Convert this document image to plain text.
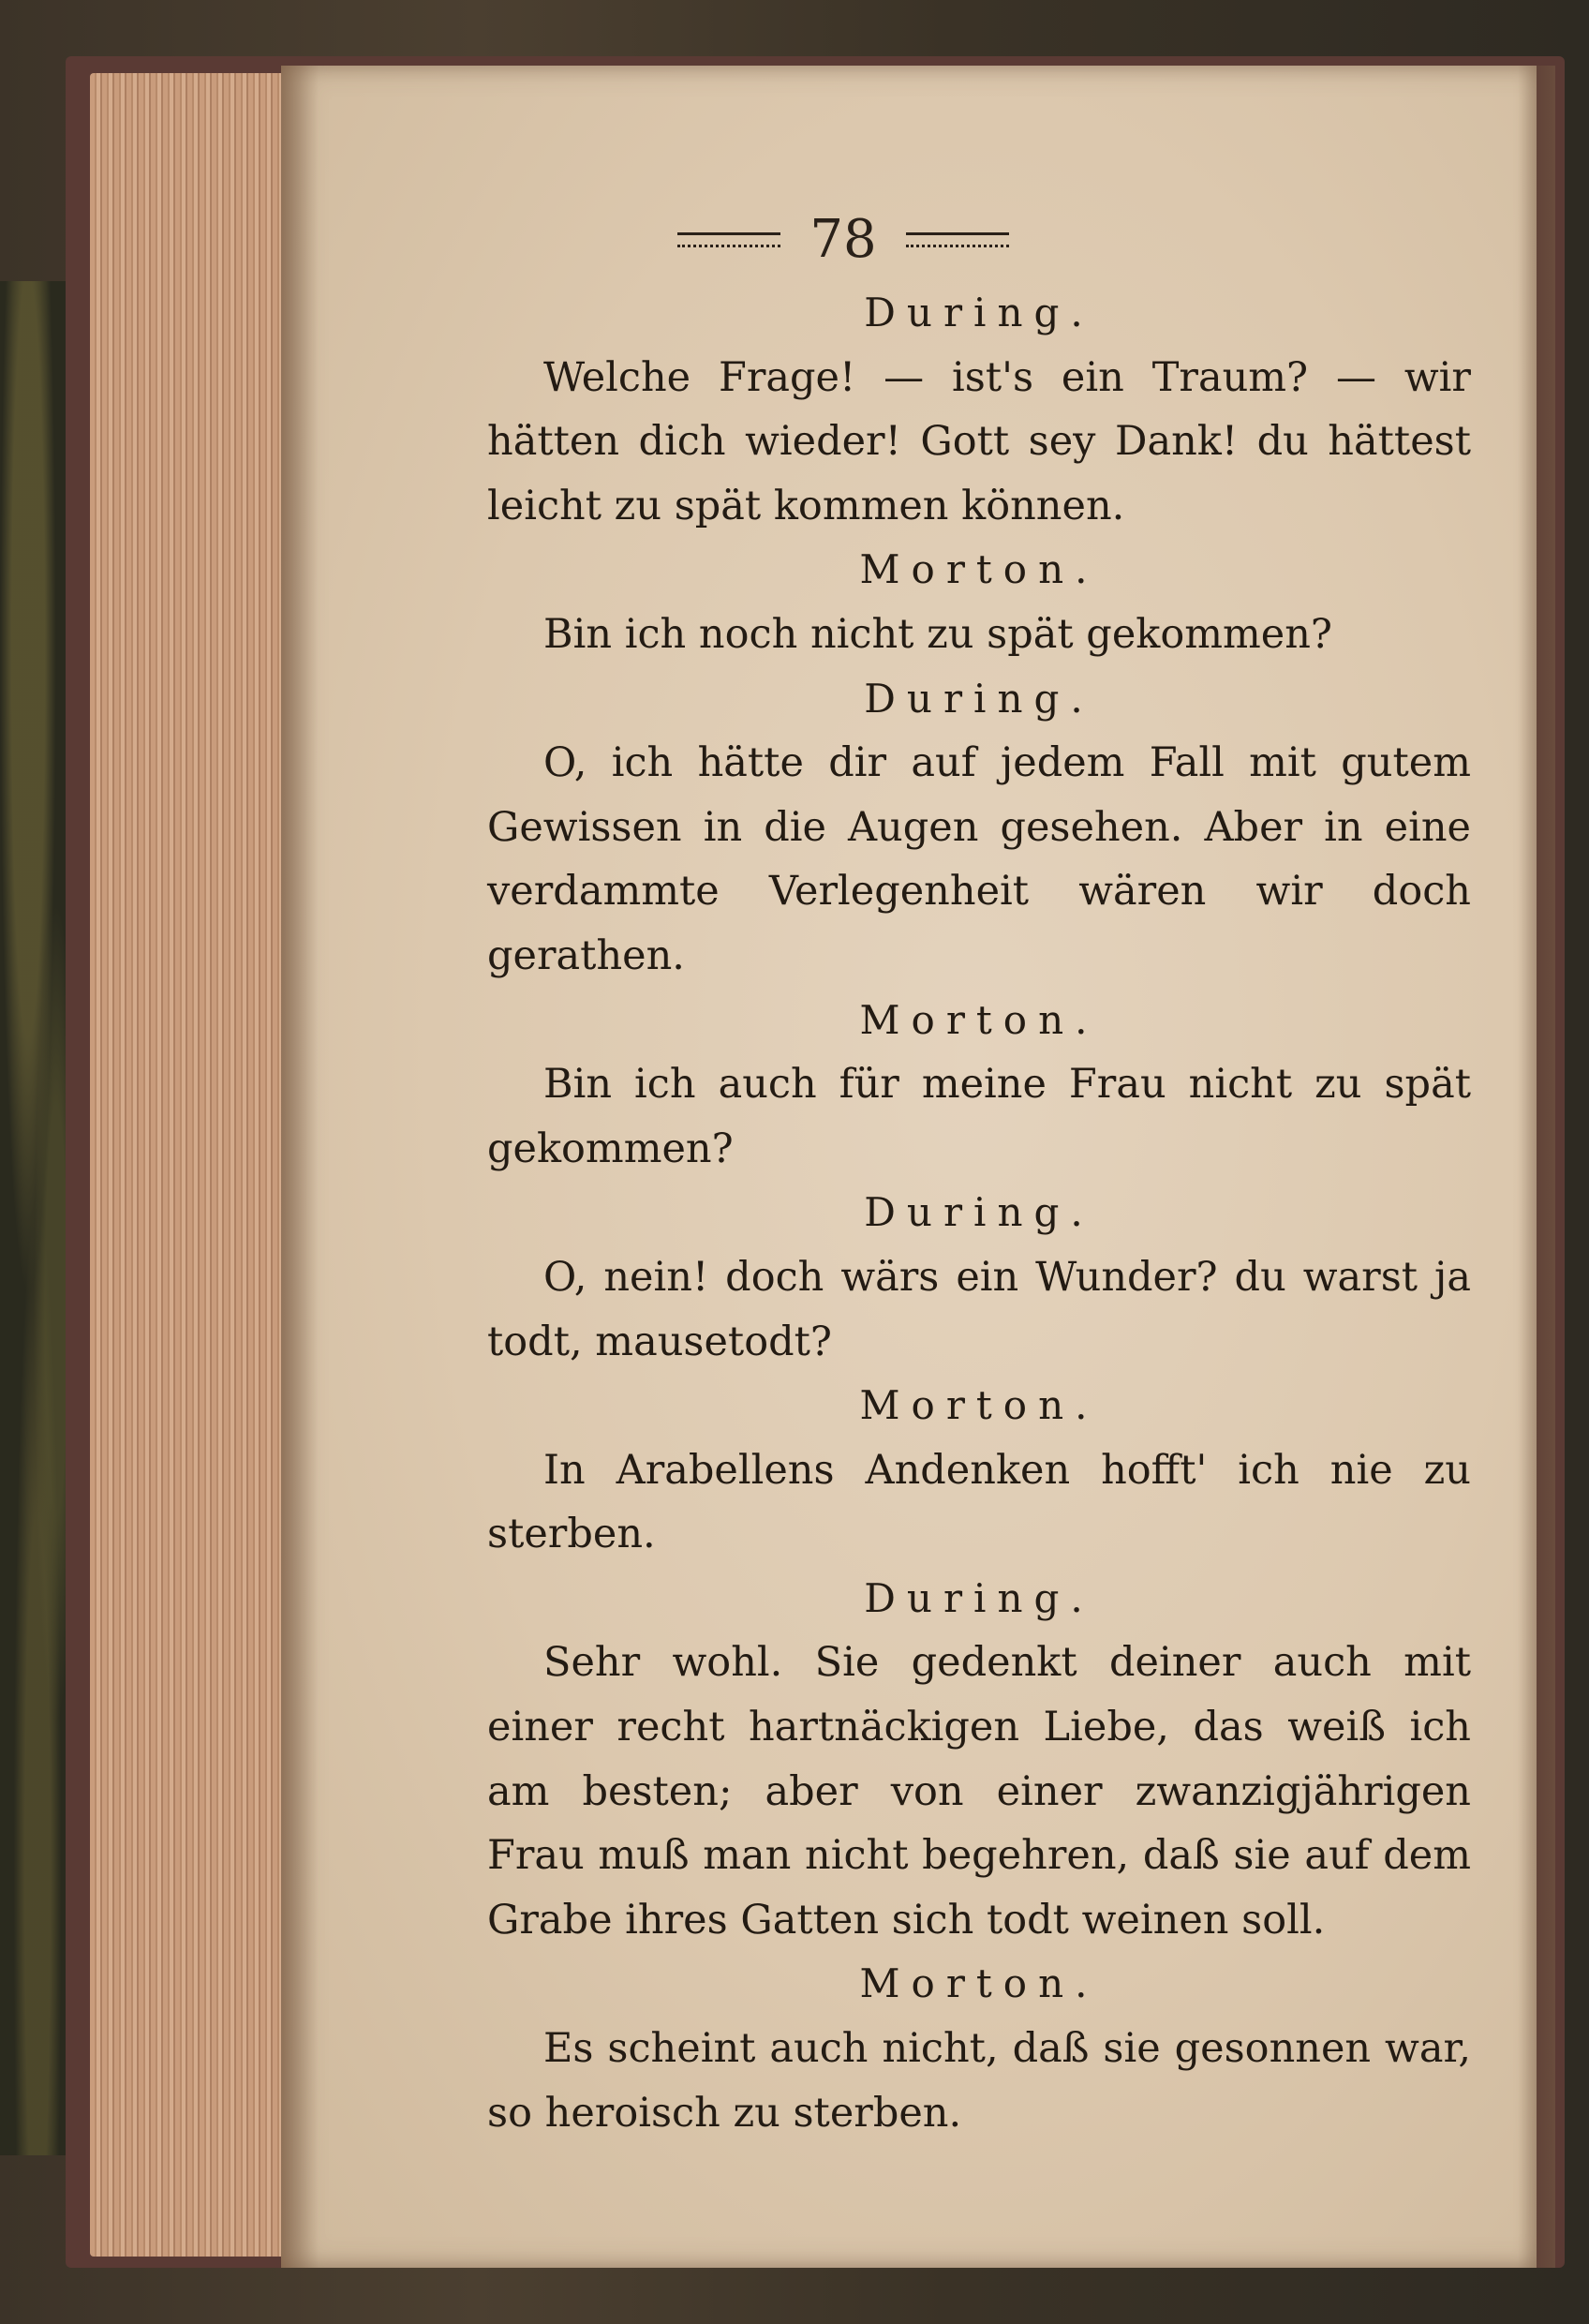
78
During.
Welche Frage! — ist's ein Traum? — wir hätten dich wieder! Gott sey Dank! du hättest leicht zu spät kommen können.
Morton.
Bin ich noch nicht zu spät gekommen?
During.
O, ich hätte dir auf jedem Fall mit gutem Gewissen in die Augen gesehen. Aber in eine verdammte Verlegenheit wären wir doch gerathen.
Morton.
Bin ich auch für meine Frau nicht zu spät gekommen?
During.
O, nein! doch wärs ein Wunder? du warst ja todt, mausetodt?
Morton.
In Arabellens Andenken hofft' ich nie zu sterben.
During.
Sehr wohl. Sie gedenkt deiner auch mit einer recht hartnäckigen Liebe, das weiß ich am besten; aber von einer zwanzigjährigen Frau muß man nicht begehren, daß sie auf dem Grabe ihres Gatten sich todt weinen soll.
Morton.
Es scheint auch nicht, daß sie gesonnen war, so heroisch zu sterben.
